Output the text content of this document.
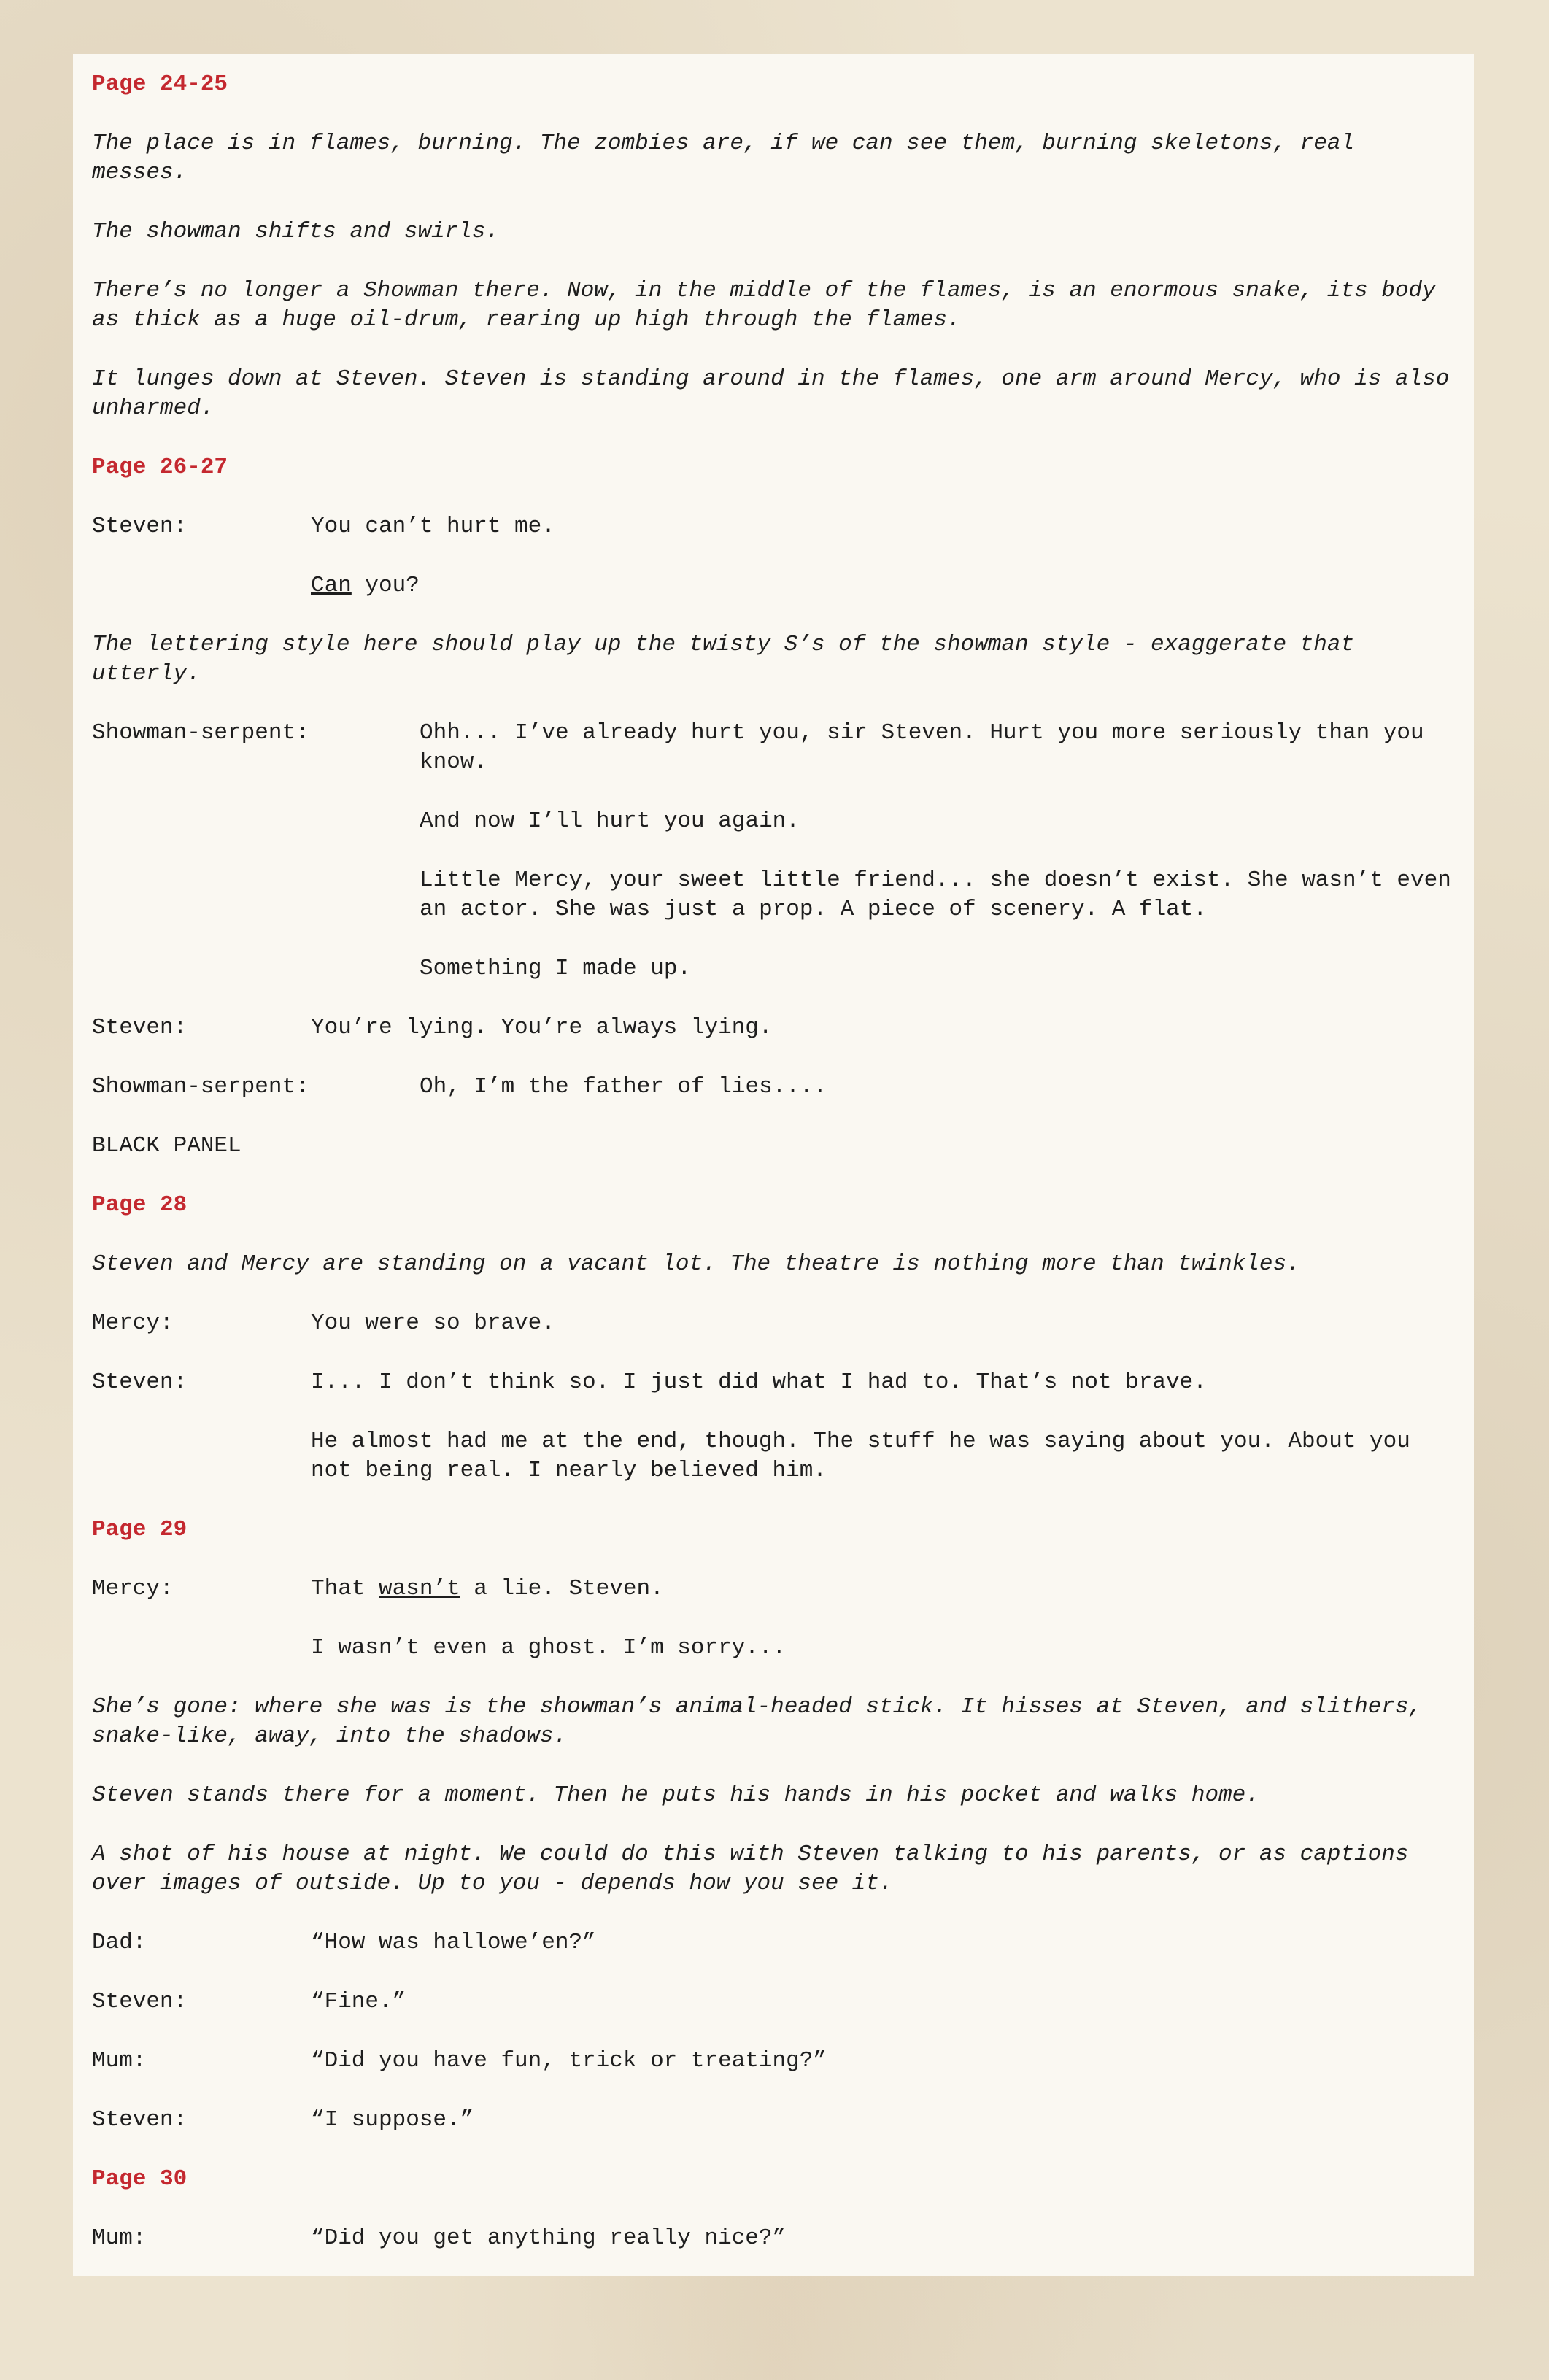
Page 24-25
The place is in flames, burning. The zombies are, if we can see them, burning skeletons, real messes.
The showman shifts and swirls.
There’s no longer a Showman there. Now, in the middle of the flames, is an enormous snake, its body as thick as a huge oil-drum, rearing up high through the flames.
It lunges down at Steven. Steven is standing around in the flames, one arm around Mercy, who is also unharmed.
Page 26-27
Steven:	You can’t hurt me.
Can you?
The lettering style here should play up the twisty S’s of the showman style - exaggerate that utterly.
Showman-serpent:	Ohh... I’ve already hurt you, sir Steven. Hurt you more seriously than you know.
And now I’ll hurt you again.
Little Mercy, your sweet little friend... she doesn’t exist. She wasn’t even an actor. She was just a prop. A piece of scenery. A flat.
Something I made up.
Steven:	You’re lying. You’re always lying.
Showman-serpent:	Oh, I’m the father of lies....
BLACK PANEL
Page 28
Steven and Mercy are standing on a vacant lot. The theatre is nothing more than twinkles.
Mercy:	You were so brave.
Steven:	I... I don’t think so. I just did what I had to. That’s not brave.
He almost had me at the end, though. The stuff he was saying about you. About you not being real. I nearly believed him.
Page 29
Mercy:	That wasn’t a lie. Steven.
I wasn’t even a ghost. I’m sorry...
She’s gone: where she was is the showman’s animal-headed stick. It hisses at Steven, and slithers, snake-like, away, into the shadows.
Steven stands there for a moment. Then he puts his hands in his pocket and walks home.
A shot of his house at night. We could do this with Steven talking to his parents, or as captions over images of outside. Up to you - depends how you see it.
Dad:	“How was hallowe’en?”
Steven:	“Fine.”
Mum:	“Did you have fun, trick or treating?”
Steven:	“I suppose.”
Page 30
Mum:	“Did you get anything really nice?”
